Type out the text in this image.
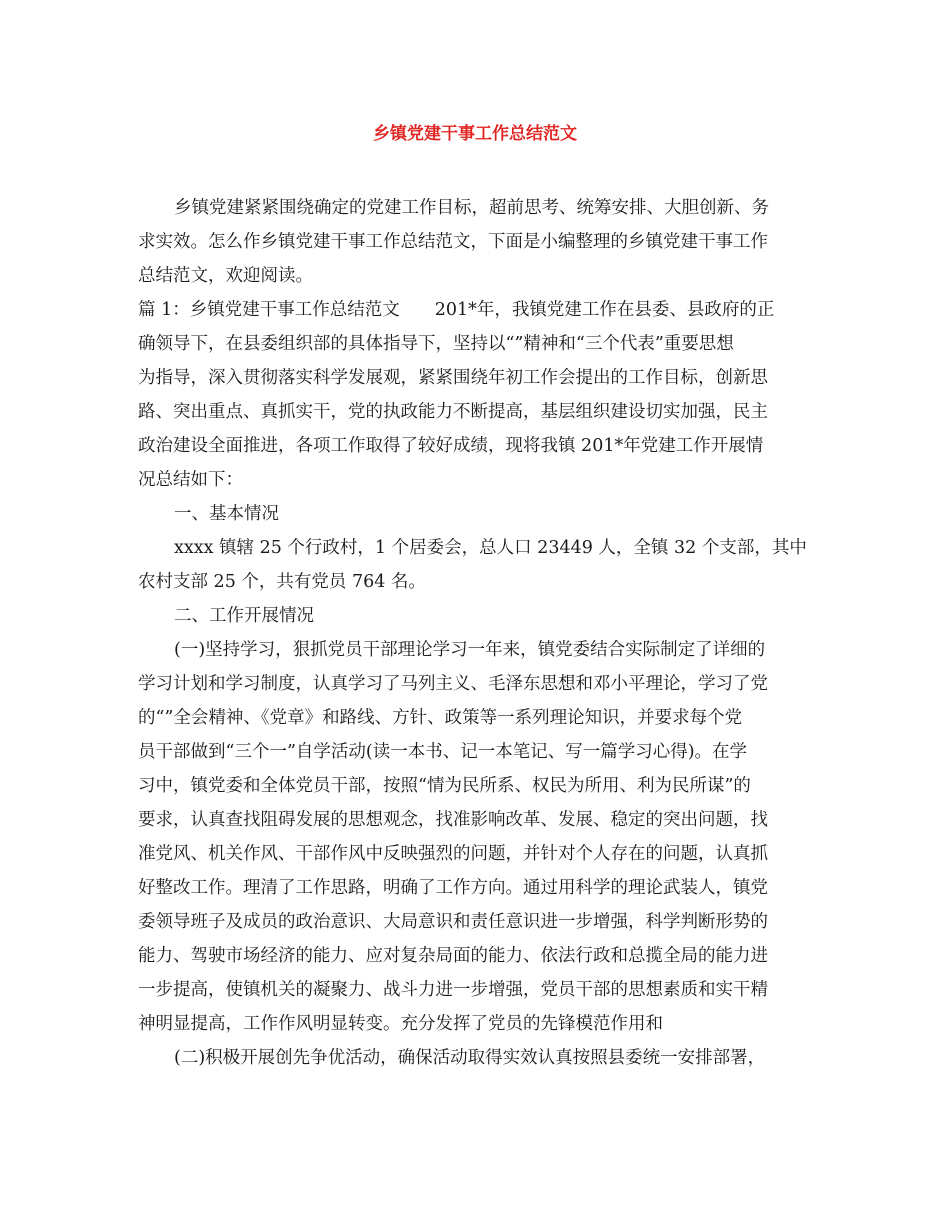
乡镇党建干事工作总结范文
乡镇党建紧紧围绕确定的党建工作目标，超前思考、统筹安排、大胆创新、务
求实效。怎么作乡镇党建干事工作总结范文，下面是小编整理的乡镇党建干事工作
总结范文，欢迎阅读。
篇 1：乡镇党建干事工作总结范文　　201*年，我镇党建工作在县委、县政府的正
确领导下，在县委组织部的具体指导下，坚持以“”精神和“三个代表”重要思想
为指导，深入贯彻落实科学发展观，紧紧围绕年初工作会提出的工作目标，创新思
路、突出重点、真抓实干，党的执政能力不断提高，基层组织建设切实加强，民主
政治建设全面推进，各项工作取得了较好成绩，现将我镇 201*年党建工作开展情
况总结如下：
一、基本情况
xxxx 镇辖 25 个行政村，1 个居委会，总人口 23449 人，全镇 32 个支部，其中
农村支部 25 个，共有党员 764 名。
二、工作开展情况
(一)坚持学习，狠抓党员干部理论学习一年来，镇党委结合实际制定了详细的
学习计划和学习制度，认真学习了马列主义、毛泽东思想和邓小平理论，学习了党
的“”全会精神、《党章》和路线、方针、政策等一系列理论知识，并要求每个党
员干部做到“三个一”自学活动(读一本书、记一本笔记、写一篇学习心得)。在学
习中，镇党委和全体党员干部，按照“情为民所系、权民为所用、利为民所谋”的
要求，认真查找阻碍发展的思想观念，找准影响改革、发展、稳定的突出问题，找
准党风、机关作风、干部作风中反映强烈的问题，并针对个人存在的问题，认真抓
好整改工作。理清了工作思路，明确了工作方向。通过用科学的理论武装人，镇党
委领导班子及成员的政治意识、大局意识和责任意识进一步增强，科学判断形势的
能力、驾驶市场经济的能力、应对复杂局面的能力、依法行政和总揽全局的能力进
一步提高，使镇机关的凝聚力、战斗力进一步增强，党员干部的思想素质和实干精
神明显提高，工作作风明显转变。充分发挥了党员的先锋模范作用和
(二)积极开展创先争优活动，确保活动取得实效认真按照县委统一安排部署，
